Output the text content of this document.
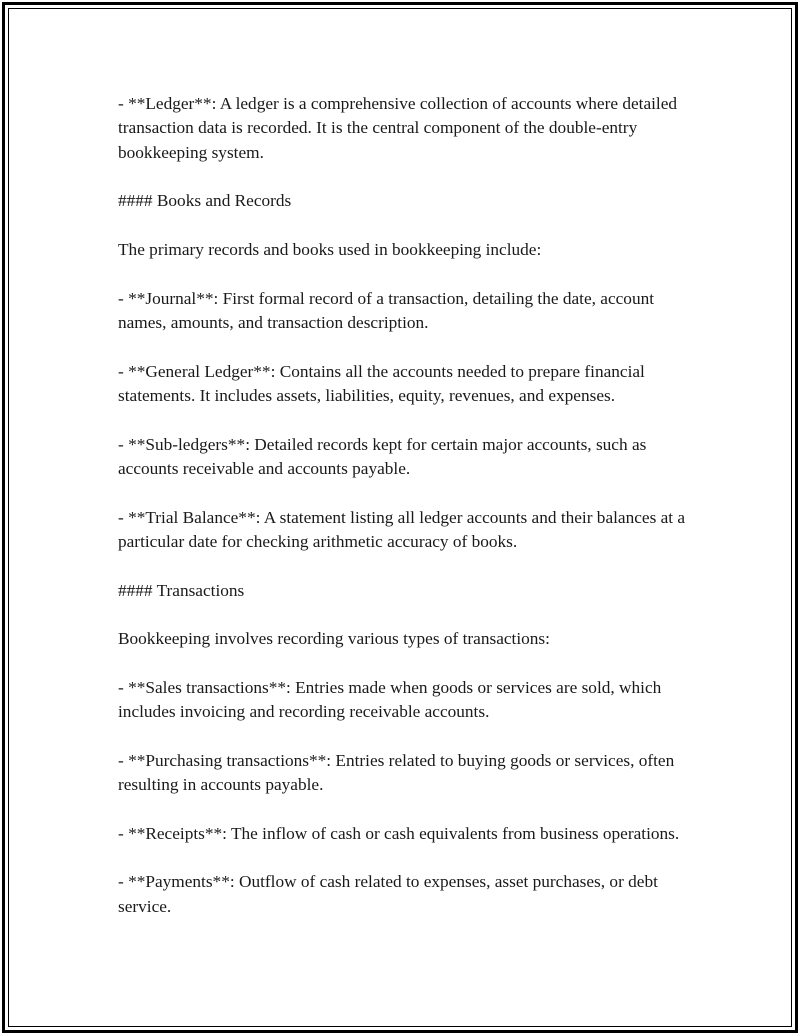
- **Ledger**: A ledger is a comprehensive collection of accounts where detailed transaction data is recorded. It is the central component of the double-entry bookkeeping system.

#### Books and Records

The primary records and books used in bookkeeping include:

- **Journal**: First formal record of a transaction, detailing the date, account names, amounts, and transaction description.

- **General Ledger**: Contains all the accounts needed to prepare financial statements. It includes assets, liabilities, equity, revenues, and expenses.

- **Sub-ledgers**: Detailed records kept for certain major accounts, such as accounts receivable and accounts payable.

- **Trial Balance**: A statement listing all ledger accounts and their balances at a particular date for checking arithmetic accuracy of books.

#### Transactions

Bookkeeping involves recording various types of transactions:

- **Sales transactions**: Entries made when goods or services are sold, which includes invoicing and recording receivable accounts.

- **Purchasing transactions**: Entries related to buying goods or services, often resulting in accounts payable.

- **Receipts**: The inflow of cash or cash equivalents from business operations.

- **Payments**: Outflow of cash related to expenses, asset purchases, or debt service.
